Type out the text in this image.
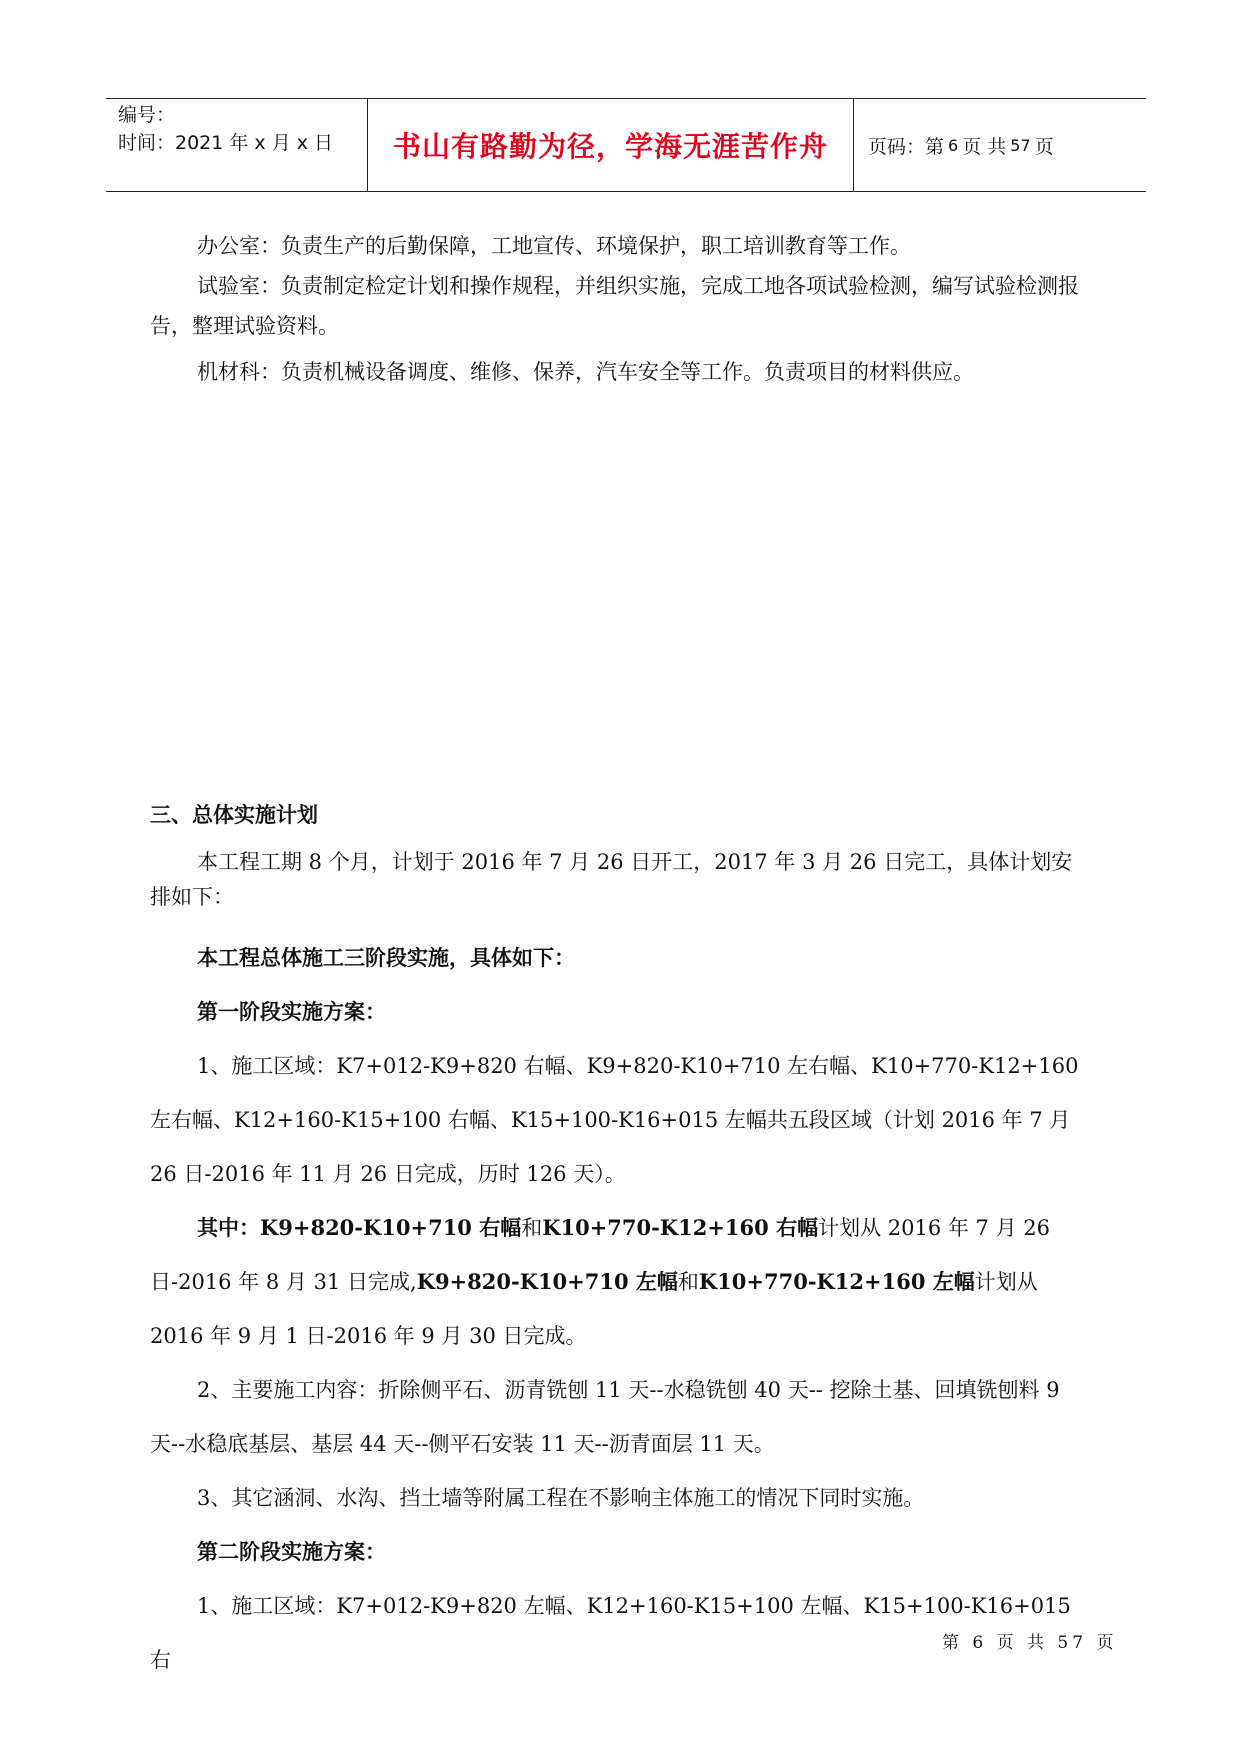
编号：
时间：2021 年 x 月 x 日	书山有路勤为径，学海无涯苦作舟	页码：第 6 页 共 57 页

办公室：负责生产的后勤保障，工地宣传、环境保护，职工培训教育等工作。

试验室：负责制定检定计划和操作规程，并组织实施，完成工地各项试验检测，编写试验检测报告，整理试验资料。

机材科：负责机械设备调度、维修、保养，汽车安全等工作。负责项目的材料供应。

三、总体实施计划

本工程工期 8 个月，计划于 2016 年 7 月 26 日开工，2017 年 3 月 26 日完工，具体计划安排如下：

本工程总体施工三阶段实施，具体如下：

第一阶段实施方案：

1、施工区域：K7+012-K9+820 右幅、K9+820-K10+710 左右幅、K10+770-K12+160 左右幅、K12+160-K15+100 右幅、K15+100-K16+015 左幅共五段区域（计划 2016 年 7 月 26 日-2016 年 11 月 26 日完成，历时 126 天）。

其中：K9+820-K10+710 右幅和K10+770-K12+160 右幅计划从 2016 年 7 月 26 日-2016 年 8 月 31 日完成,K9+820-K10+710 左幅和K10+770-K12+160 左幅计划从 2016 年 9 月 1 日-2016 年 9 月 30 日完成。

2、主要施工内容：折除侧平石、沥青铣刨 11 天--水稳铣刨 40 天-- 挖除土基、回填铣刨料 9 天--水稳底基层、基层 44 天--侧平石安装 11 天--沥青面层 11 天。

3、其它涵洞、水沟、挡土墙等附属工程在不影响主体施工的情况下同时实施。

第二阶段实施方案：

1、施工区域：K7+012-K9+820 左幅、K12+160-K15+100 左幅、K15+100-K16+015 右

第 6 页 共 57 页
